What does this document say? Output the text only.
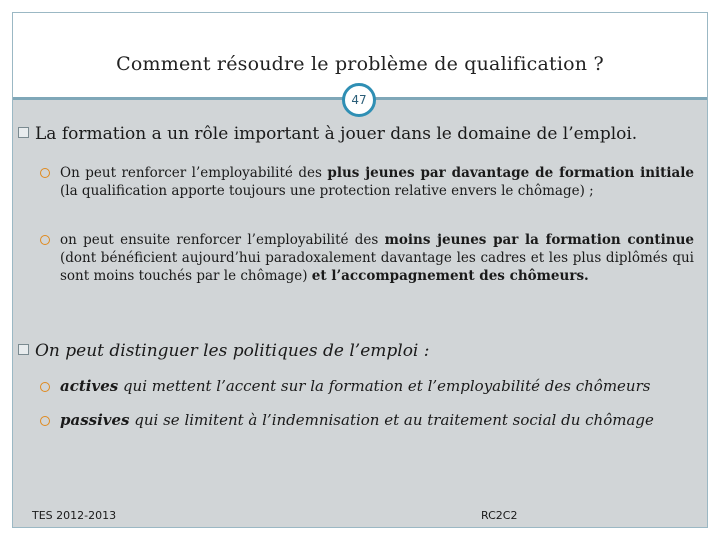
Comment résoudre le problème de qualification ?
47
La formation a un rôle important à jouer dans le domaine de l’emploi.
On peut renforcer l’employabilité des plus jeunes par davantage de formation initiale (la qualification apporte toujours une protection relative envers le chômage) ;
on peut ensuite renforcer l’employabilité des moins jeunes par la formation continue (dont bénéficient aujourd’hui paradoxalement davantage les cadres et les plus diplômés qui sont moins touchés par le chômage) et l’accompagnement des chômeurs.
On peut distinguer les politiques de l’emploi :
actives qui mettent l’accent sur la formation et l’employabilité des chômeurs
passives qui se limitent à l’indemnisation et au traitement social du chômage
TES 2012-2013	RC2C2
